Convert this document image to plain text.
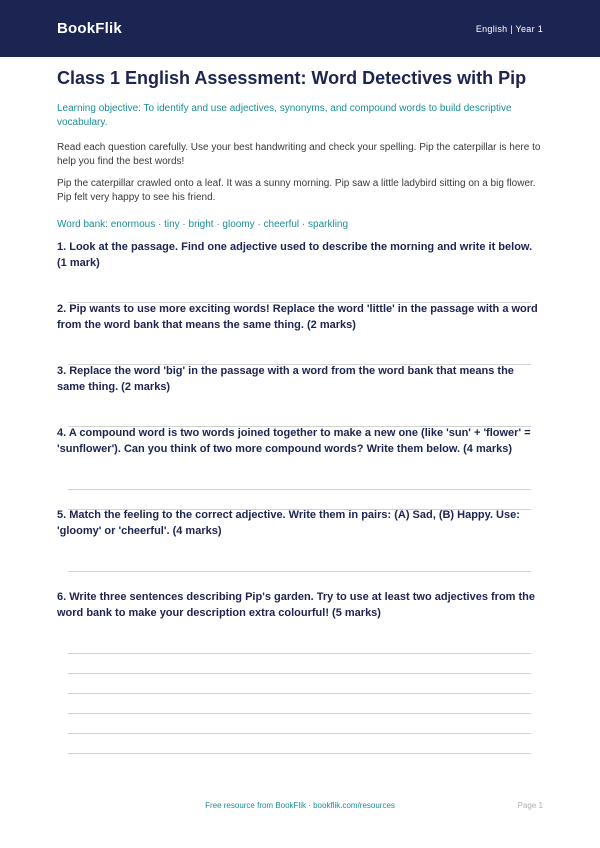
BookFlik	English | Year 1
Class 1 English Assessment: Word Detectives with Pip
Learning objective: To identify and use adjectives, synonyms, and compound words to build descriptive vocabulary.
Read each question carefully. Use your best handwriting and check your spelling. Pip the caterpillar is here to help you find the best words!
Pip the caterpillar crawled onto a leaf. It was a sunny morning. Pip saw a little ladybird sitting on a big flower. Pip felt very happy to see his friend.
Word bank: enormous · tiny · bright · gloomy · cheerful · sparkling
1. Look at the passage. Find one adjective used to describe the morning and write it below. (1 mark)
2. Pip wants to use more exciting words! Replace the word 'little' in the passage with a word from the word bank that means the same thing. (2 marks)
3. Replace the word 'big' in the passage with a word from the word bank that means the same thing. (2 marks)
4. A compound word is two words joined together to make a new one (like 'sun' + 'flower' = 'sunflower'). Can you think of two more compound words? Write them below. (4 marks)
5. Match the feeling to the correct adjective. Write them in pairs: (A) Sad, (B) Happy. Use: 'gloomy' or 'cheerful'. (4 marks)
6. Write three sentences describing Pip's garden. Try to use at least two adjectives from the word bank to make your description extra colourful! (5 marks)
Free resource from BookFlik · bookflik.com/resources	Page 1
